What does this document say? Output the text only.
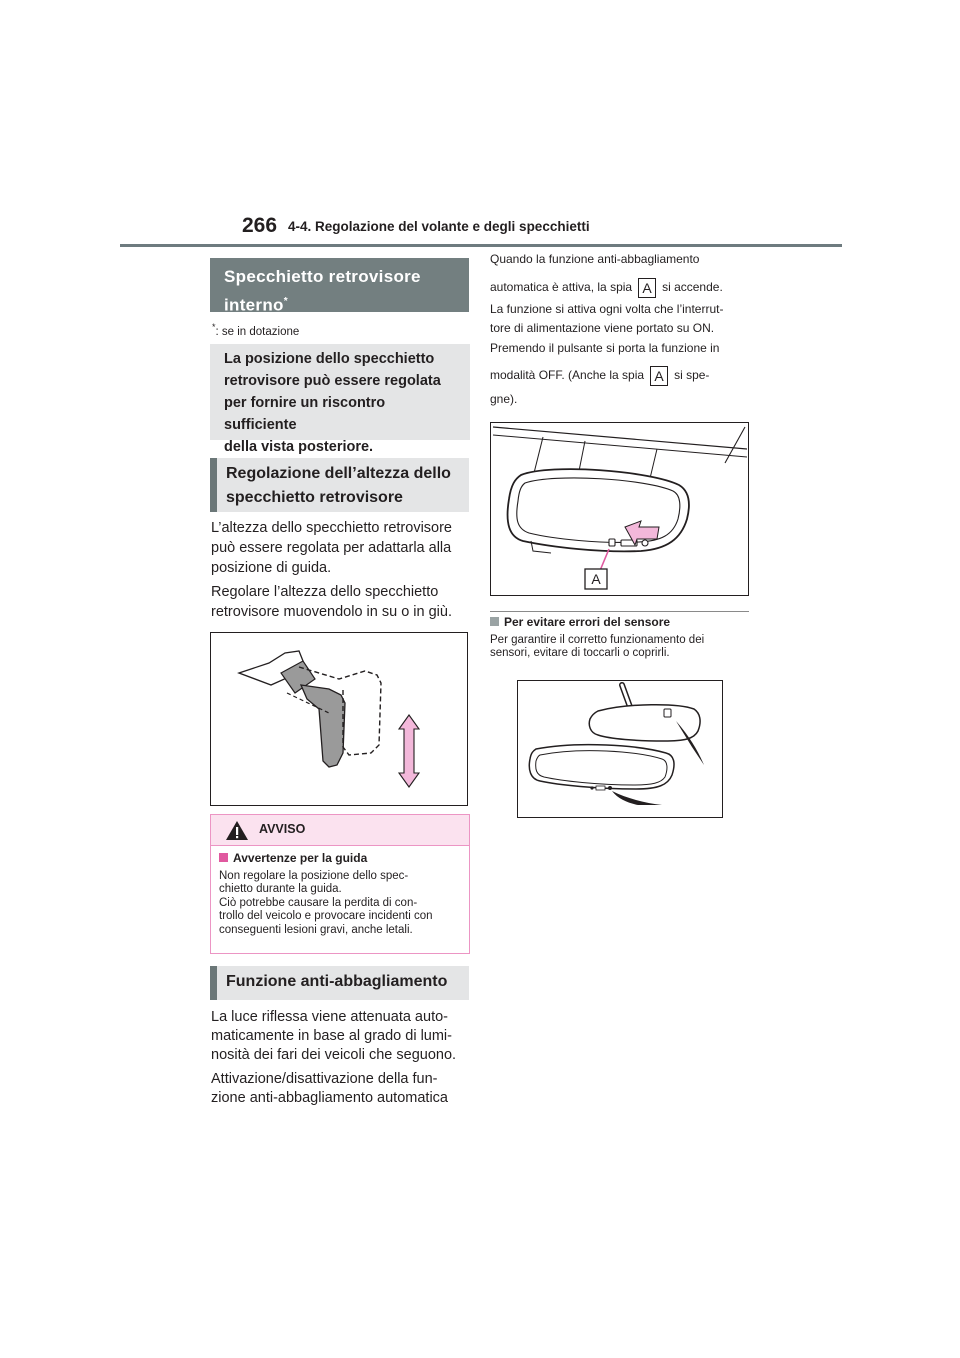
266 4-4. Regolazione del volante e degli specchietti
Specchietto retrovisore
interno*
*: se in dotazione
La posizione dello specchietto
retrovisore può essere regolata
per fornire un riscontro sufficiente
della vista posteriore.
Regolazione dell’altezza dello
specchietto retrovisore
L’altezza dello specchietto retrovisore
può essere regolata per adattarla alla
posizione di guida.
Regolare l’altezza dello specchietto
retrovisore muovendolo in su o in giù.
AVVISO
Avvertenze per la guida
Non regolare la posizione dello spec-
chietto durante la guida.
Ciò potrebbe causare la perdita di con-
trollo del veicolo e provocare incidenti con
conseguenti lesioni gravi, anche letali.
Funzione anti-abbagliamento
La luce riflessa viene attenuata auto-
maticamente in base al grado di lumi-
nosità dei fari dei veicoli che seguono.
Attivazione/disattivazione della fun-
zione anti-abbagliamento automatica
Quando la funzione anti-abbagliamento
automatica è attiva, la spia A si accende.
La funzione si attiva ogni volta che l’interrut-
tore di alimentazione viene portato su ON.
Premendo il pulsante si porta la funzione in
modalità OFF. (Anche la spia A si spe-
gne).
A
Per evitare errori del sensore
Per garantire il corretto funzionamento dei
sensori, evitare di toccarli o coprirli.
